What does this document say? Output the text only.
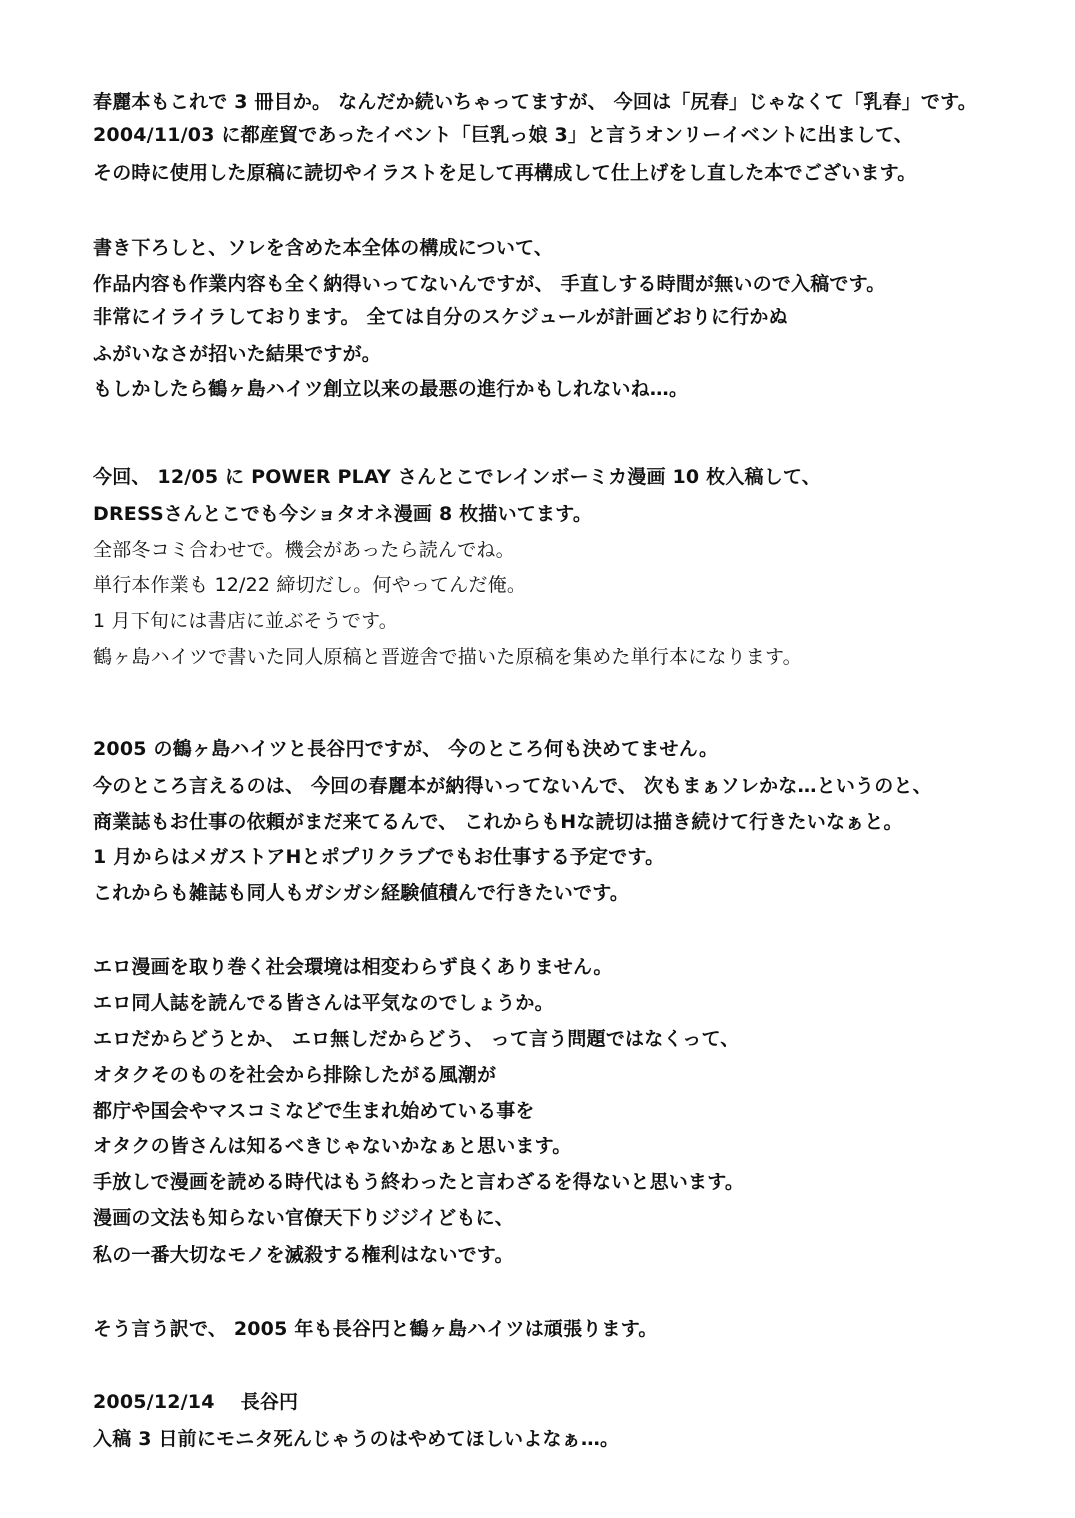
春麗本もこれで 3 冊目か。 なんだか続いちゃってますが、 今回は「尻春」じゃなくて「乳春」です。
2004/11/03 に都産貿であったイベント「巨乳っ娘 3」と言うオンリーイベントに出まして、
その時に使用した原稿に読切やイラストを足して再構成して仕上げをし直した本でございます。
書き下ろしと、ソレを含めた本全体の構成について、
作品内容も作業内容も全く納得いってないんですが、 手直しする時間が無いので入稿です。
非常にイライラしております。 全ては自分のスケジュールが計画どおりに行かぬ
ふがいなさが招いた結果ですが。
もしかしたら鶴ヶ島ハイツ創立以来の最悪の進行かもしれないね…。
今回、 12/05 に POWER PLAY さんとこでレインボーミカ漫画 10 枚入稿して、
DRESSさんとこでも今ショタオネ漫画 8 枚描いてます。
全部冬コミ合わせで。機会があったら読んでね。
単行本作業も 12/22 締切だし。何やってんだ俺。
1 月下旬には書店に並ぶそうです。
鶴ヶ島ハイツで書いた同人原稿と晋遊舎で描いた原稿を集めた単行本になります。
2005 の鶴ヶ島ハイツと長谷円ですが、 今のところ何も決めてません。
今のところ言えるのは、 今回の春麗本が納得いってないんで、 次もまぁソレかな…というのと、
商業誌もお仕事の依頼がまだ来てるんで、 これからもHな読切は描き続けて行きたいなぁと。
1 月からはメガストアHとポプリクラブでもお仕事する予定です。
これからも雑誌も同人もガシガシ経験値積んで行きたいです。
エロ漫画を取り巻く社会環境は相変わらず良くありません。
エロ同人誌を読んでる皆さんは平気なのでしょうか。
エロだからどうとか、 エロ無しだからどう、 って言う問題ではなくって、
オタクそのものを社会から排除したがる風潮が
都庁や国会やマスコミなどで生まれ始めている事を
オタクの皆さんは知るべきじゃないかなぁと思います。
手放しで漫画を読める時代はもう終わったと言わざるを得ないと思います。
漫画の文法も知らない官僚天下りジジイどもに、
私の一番大切なモノを滅殺する権利はないです。
そう言う訳で、 2005 年も長谷円と鶴ヶ島ハイツは頑張ります。
2005/12/14　 長谷円
入稿 3 日前にモニタ死んじゃうのはやめてほしいよなぁ…。
